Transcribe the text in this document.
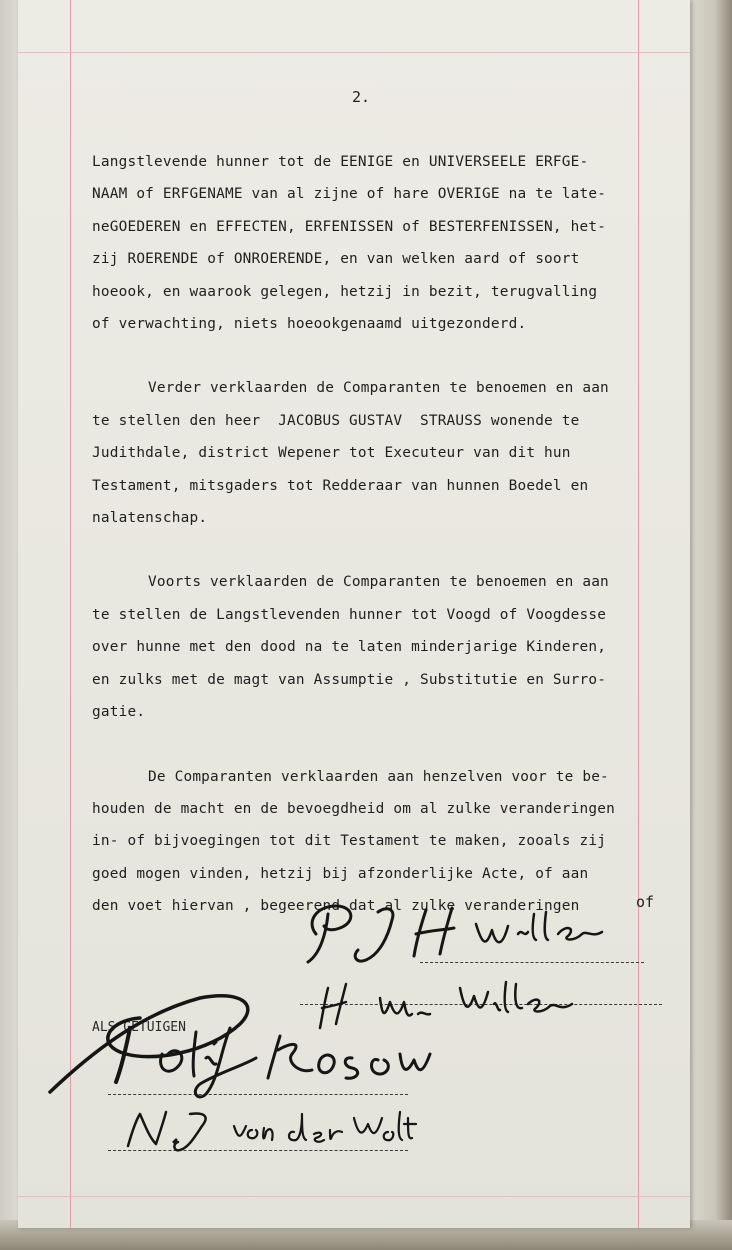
2.
Langstlevende hunner tot de EENIGE en UNIVERSEELE ERFGE-
NAAM of ERFGENAME van al zijne of hare OVERIGE na te late-
neGOEDEREN en EFFECTEN, ERFENISSEN of BESTERFENISSEN, het-
zij ROERENDE of ONROERENDE, en van welken aard of soort
hoeook, en waarook gelegen, hetzij in bezit, terugvalling
of verwachting, niets hoeookgenaamd uitgezonderd.
Verder verklaarden de Comparanten te benoemen en aan
te stellen den heer  JACOBUS GUSTAV  STRAUSS wonende te
Judithdale, district Wepener tot Executeur van dit hun
Testament, mitsgaders tot Redderaar van hunnen Boedel en
nalatenschap.
Voorts verklaarden de Comparanten te benoemen en aan
te stellen de Langstlevenden hunner tot Voogd of Voogdesse
over hunne met den dood na te laten minderjarige Kinderen,
en zulks met de magt van Assumptie , Substitutie en Surro-
gatie.
De Comparanten verklaarden aan henzelven voor te be-
houden de macht en de bevoegdheid om al zulke veranderingen
in- of bijvoegingen tot dit Testament te maken, zooals zij
goed mogen vinden, hetzij bij afzonderlijke Acte, of aan
den voet hiervan , begeerend dat al zulke veranderingen	of
ALS GETUIGEN
